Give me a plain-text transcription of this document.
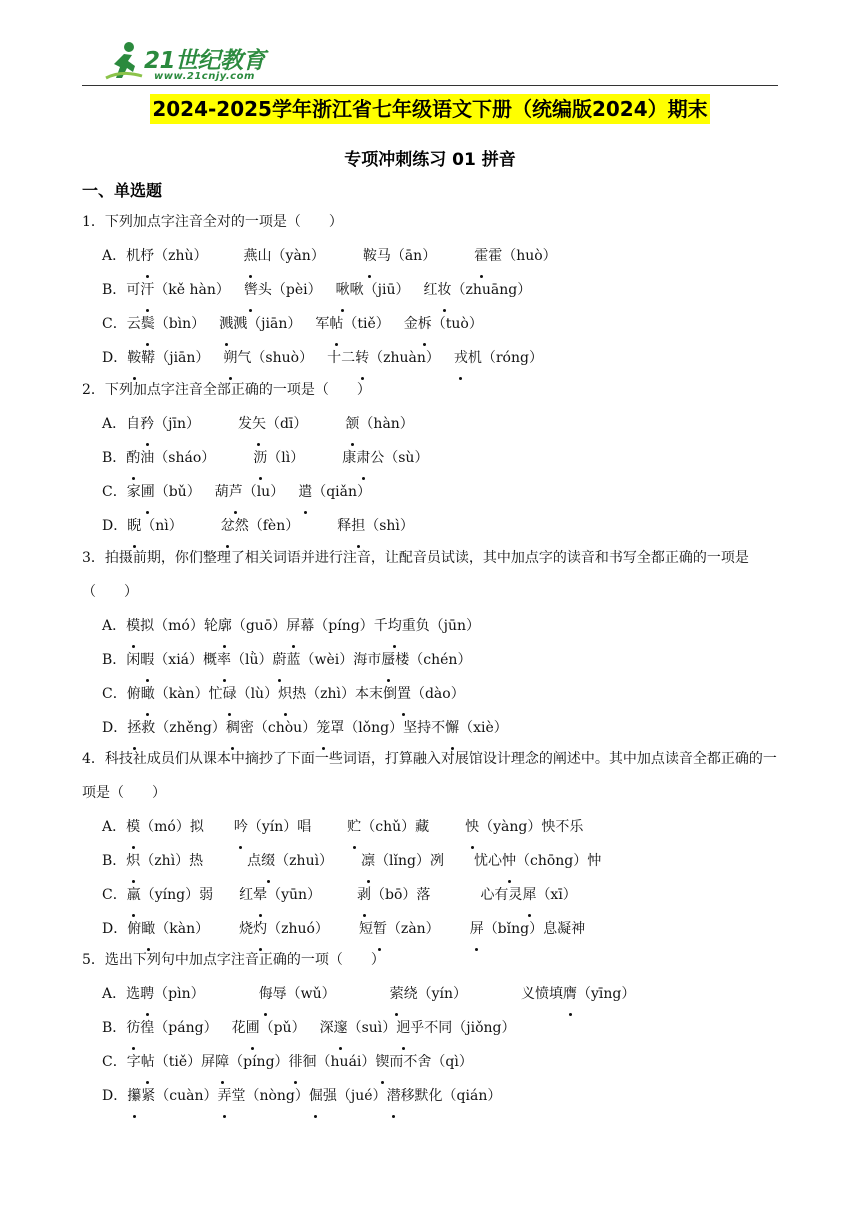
21世纪教育
www.21cnjy.com
2024-2025学年浙江省七年级语文下册（统编版2024）期末
专项冲刺练习 01 拼音
一、单选题
1．下列加点字注音全对的一项是（　　）
A．机杼（zhù）	燕山（yàn）	鞍马（ān）	霍霍（huò）
B．可汗（kě hàn） 辔头（pèi） 啾啾（jiū） 红妆（zhuāng）
C．云鬓（bìn） 溅溅（jiān） 军帖（tiě） 金柝（tuò）
D．鞍鞯（jiān） 朔气（shuò） 十二转（zhuàn） 戎机（róng）
2．下列加点字注音全部正确的一项是（　　）
A．自矜（jīn）	发矢（dī）	颔（hàn）
B．酌油（sháo）	沥（lì）	康肃公（sù）
C．家圃（bǔ） 葫芦（lu） 遣（qiǎn）
D．睨（nì）	忿然（fèn）	释担（shì）
3．拍摄前期，你们整理了相关词语并进行注音，让配音员试读，其中加点字的读音和书写全都正确的一项是（　　）
A．模拟（mó）轮廓（guō）屏幕（píng）千均重负（jūn）
B．闲暇（xiá）概率（lǜ）蔚蓝（wèi）海市蜃楼（chén）
C．俯瞰（kàn）忙碌（lù）炽热（zhì）本末倒置（dào）
D．拯救（zhěng）稠密（chòu）笼罩（lǒng）坚持不懈（xiè）
4．科技社成员们从课本中摘抄了下面一些词语，打算融入对展馆设计理念的阐述中。其中加点读音全都正确的一项是（　　）
A．模（mó）拟 吟（yín）唱	贮（chǔ）藏	怏（yàng）怏不乐
B．炽（zhì）热	点缀（zhuì） 凛（lǐng）冽 忧心忡（chōng）忡
C．羸（yíng）弱 红晕（yūn）	剥（bō）落	心有灵犀（xī）
D．俯瞰（kàn） 烧灼（zhuó） 短暂（zàn） 屏（bǐng）息凝神
5．选出下列句中加点字注音正确的一项（　　）
A．选聘（pìn）	侮辱（wǔ）	萦绕（yín）	义愤填膺（yīng）
B．彷徨（páng） 花圃（pǔ） 深邃（suì）迥乎不同（jiǒng）
C．字帖（tiě）屏障（píng）徘徊（huái）锲而不舍（qì）
D．攥紧（cuàn）弄堂（nòng）倔强（jué）潜移默化（qián）
